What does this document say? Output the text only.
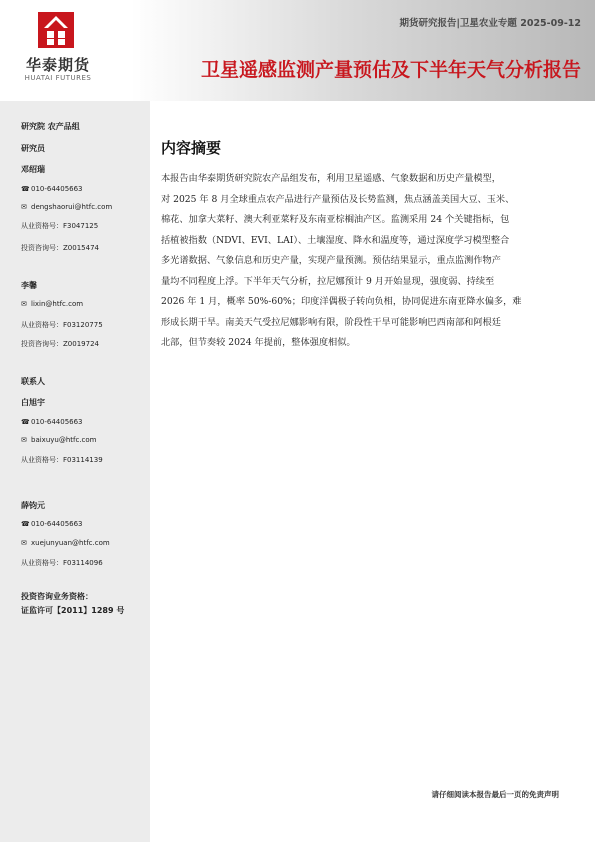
华泰期货
HUATAI FUTURES
期货研究报告|卫星农业专题 2025-09-12
卫星遥感监测产量预估及下半年天气分析报告
研究院 农产品组
研究员
邓绍瑞
☎010-64405663
✉ dengshaorui@htfc.com
从业资格号：F3047125
投资咨询号：Z0015474
李馨
✉ lixin@htfc.com
从业资格号：F03120775
投资咨询号：Z0019724
联系人
白旭宇
☎010-64405663
✉ baixuyu@htfc.com
从业资格号：F03114139
薛钧元
☎010-64405663
✉ xuejunyuan@htfc.com
从业资格号：F03114096
投资咨询业务资格：
证监许可【2011】1289 号
内容摘要
本报告由华泰期货研究院农产品组发布，利用卫星遥感、气象数据和历史产量模型，
对 2025 年 8 月全球重点农产品进行产量预估及长势监测，焦点涵盖美国大豆、玉米、
棉花、加拿大菜籽、澳大利亚菜籽及东南亚棕榈油产区。监测采用 24 个关键指标，包
括植被指数（NDVI、EVI、LAI）、土壤湿度、降水和温度等，通过深度学习模型整合
多光谱数据、气象信息和历史产量，实现产量预测。预估结果显示，重点监测作物产
量均不同程度上浮。下半年天气分析，拉尼娜预计 9 月开始显现，强度弱、持续至
2026 年 1 月，概率 50%-60%；印度洋偶极子转向负相，协同促进东南亚降水偏多，难
形成长期干旱。南美天气受拉尼娜影响有限，阶段性干旱可能影响巴西南部和阿根廷
北部，但节奏较 2024 年提前，整体强度相似。
请仔细阅读本报告最后一页的免责声明
